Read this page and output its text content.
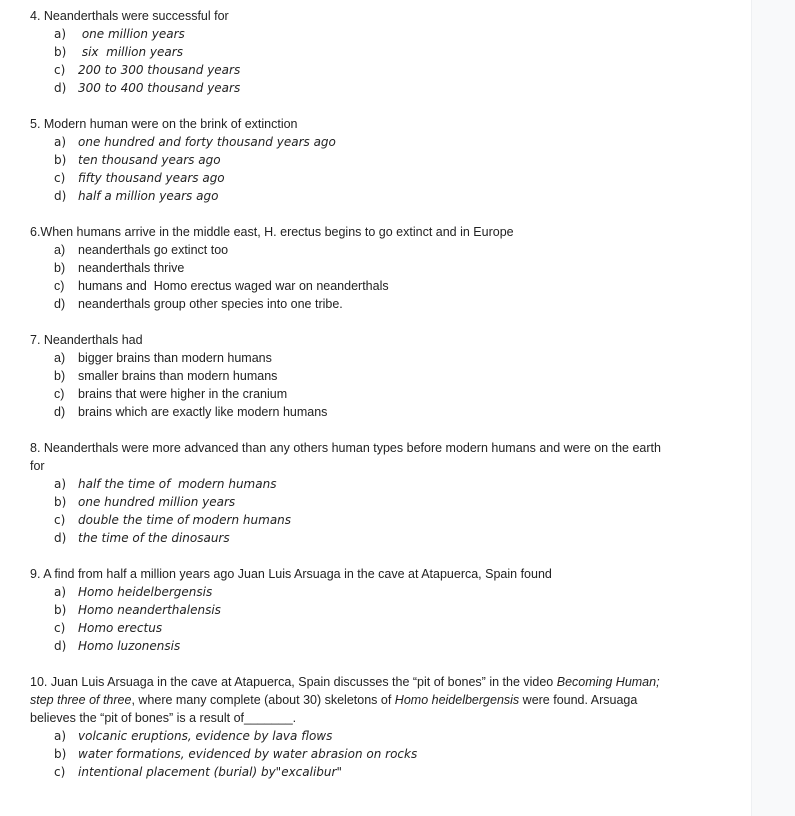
4. Neanderthals were successful for
a) one million years
b) six  million years
c)	200 to 300 thousand years
d) 300 to 400 thousand years
5. Modern human were on the brink of extinction
a) one hundred and forty thousand years ago
b) ten thousand years ago
c)	fifty thousand years ago
d) half a million years ago
6.When humans arrive in the middle east, H. erectus begins to go extinct and in Europe
a)	neanderthals go extinct too
b)	neanderthals thrive
c)	humans and  Homo erectus waged war on neanderthals
d)	neanderthals group other species into one tribe.
7. Neanderthals had
a)	bigger brains than modern humans
b)	smaller brains than modern humans
c)	brains that were higher in the cranium
d)	brains which are exactly like modern humans
8. Neanderthals were more advanced than any others human types before modern humans and were on the earth for
a) half the time of  modern humans
b) one hundred million years
c)	double the time of modern humans
d) the time of the dinosaurs
9. A find from half a million years ago Juan Luis Arsuaga in the cave at Atapuerca, Spain found
a) Homo heidelbergensis
b) Homo neanderthalensis
c)	Homo erectus
d) Homo luzonensis
10. Juan Luis Arsuaga in the cave at Atapuerca, Spain discusses the “pit of bones” in the video Becoming Human; step three of three, where many complete (about 30) skeletons of Homo heidelbergensis were found. Arsuaga believes the “pit of bones” is a result of_______.
a) volcanic eruptions, evidence by lava flows
b) water formations, evidenced by water abrasion on rocks
c)	intentional placement (burial) by"excalibur"
